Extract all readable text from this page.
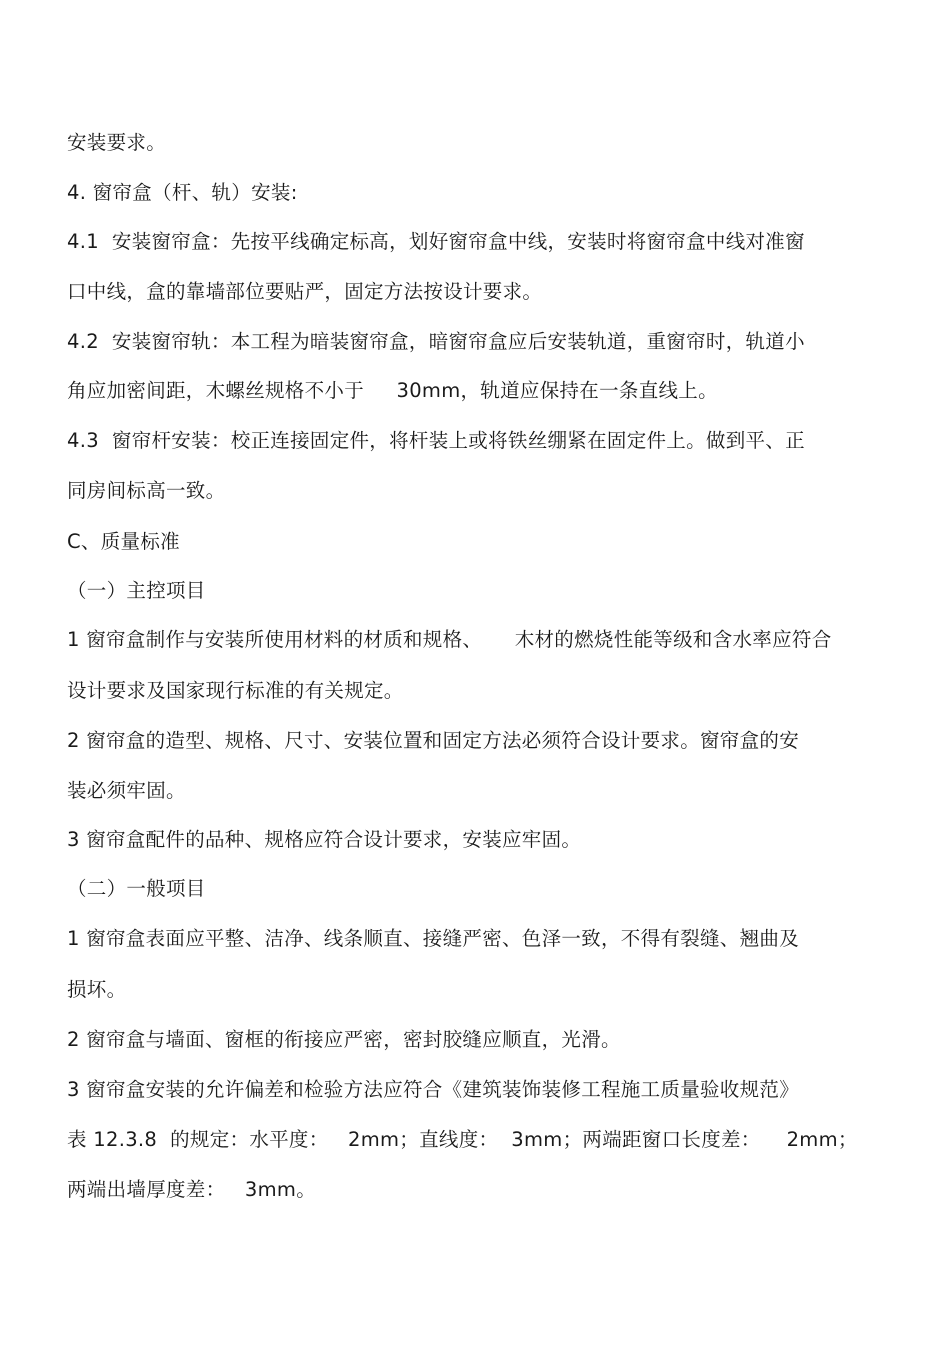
安装要求。
4. 窗帘盒（杆、轨）安装:
4.1  安装窗帘盒：先按平线确定标高，划好窗帘盒中线，安装时将窗帘盒中线对准窗
口中线，盒的靠墙部位要贴严，固定方法按设计要求。
4.2  安装窗帘轨：本工程为暗装窗帘盒，暗窗帘盒应后安装轨道，重窗帘时，轨道小
角应加密间距，木螺丝规格不小于     30mm，轨道应保持在一条直线上。
4.3  窗帘杆安装：校正连接固定件，将杆装上或将铁丝绷紧在固定件上。做到平、正
同房间标高一致。
C、质量标准
（一）主控项目
1 窗帘盒制作与安装所使用材料的材质和规格、     木材的燃烧性能等级和含水率应符合
设计要求及国家现行标准的有关规定。
2 窗帘盒的造型、规格、尺寸、安装位置和固定方法必须符合设计要求。窗帘盒的安
装必须牢固。
3 窗帘盒配件的品种、规格应符合设计要求，安装应牢固。
（二）一般项目
1 窗帘盒表面应平整、洁净、线条顺直、接缝严密、色泽一致，不得有裂缝、翘曲及
损坏。
2 窗帘盒与墙面、窗框的衔接应严密，密封胶缝应顺直，光滑。
3 窗帘盒安装的允许偏差和检验方法应符合《建筑装饰装修工程施工质量验收规范》
表 12.3.8  的规定：水平度：   2mm；直线度：  3mm；两端距窗口长度差：    2mm；
两端出墙厚度差：   3mm。
